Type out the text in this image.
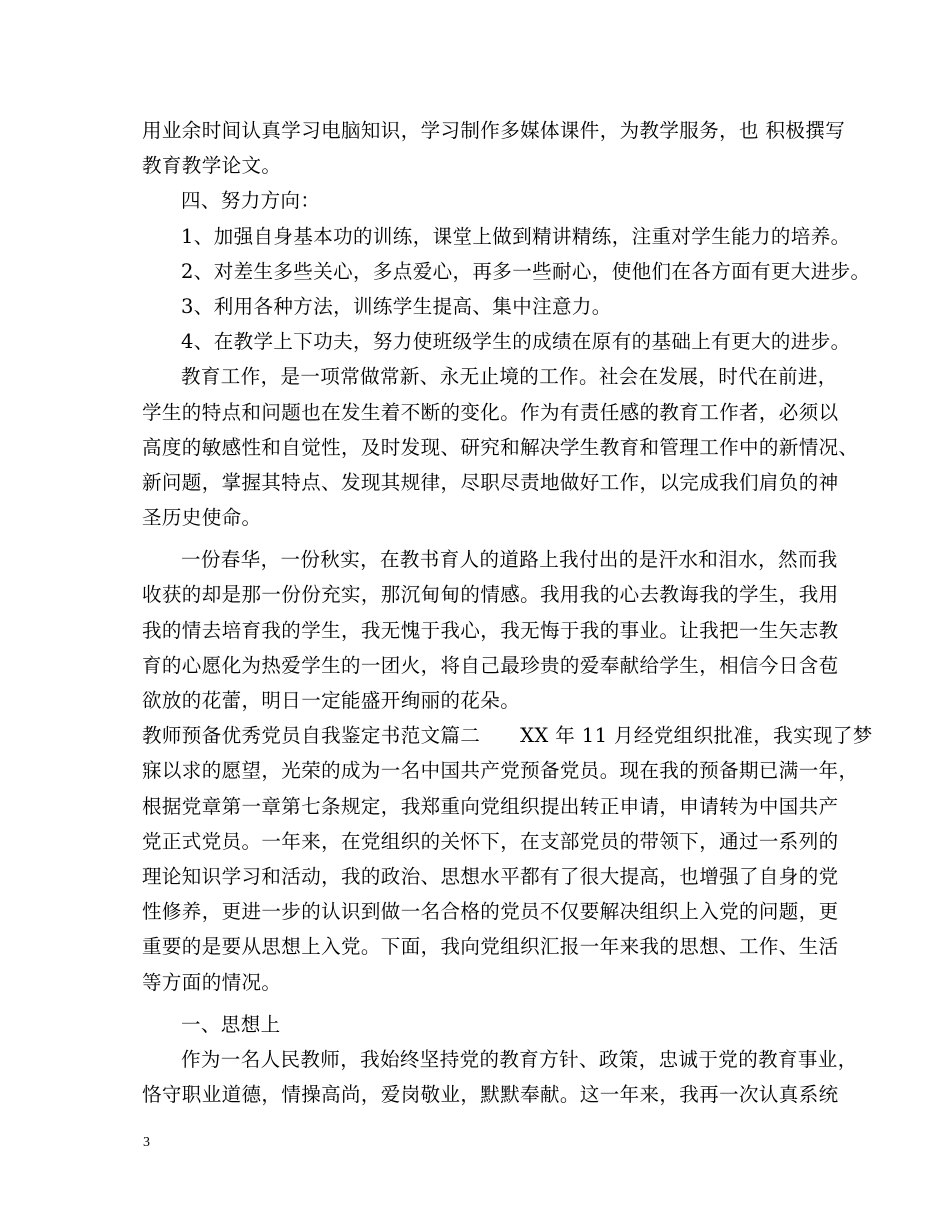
用业余时间认真学习电脑知识，学习制作多媒体课件，为教学服务，也 积极撰写
教育教学论文。
四、努力方向：
1、加强自身基本功的训练，课堂上做到精讲精练，注重对学生能力的培养。
2、对差生多些关心，多点爱心，再多一些耐心，使他们在各方面有更大进步。
3、利用各种方法，训练学生提高、集中注意力。
4、在教学上下功夫，努力使班级学生的成绩在原有的基础上有更大的进步。
教育工作，是一项常做常新、永无止境的工作。社会在发展，时代在前进，
学生的特点和问题也在发生着不断的变化。作为有责任感的教育工作者，必须以
高度的敏感性和自觉性，及时发现、研究和解决学生教育和管理工作中的新情况、
新问题，掌握其特点、发现其规律，尽职尽责地做好工作，以完成我们肩负的神
圣历史使命。
一份春华，一份秋实，在教书育人的道路上我付出的是汗水和泪水，然而我
收获的却是那一份份充实，那沉甸甸的情感。我用我的心去教诲我的学生，我用
我的情去培育我的学生，我无愧于我心，我无悔于我的事业。让我把一生矢志教
育的心愿化为热爱学生的一团火，将自己最珍贵的爱奉献给学生，相信今日含苞
欲放的花蕾，明日一定能盛开绚丽的花朵。
教师预备优秀党员自我鉴定书范文篇二　　XX 年 11 月经党组织批准，我实现了梦
寐以求的愿望，光荣的成为一名中国共产党预备党员。现在我的预备期已满一年，
根据党章第一章第七条规定，我郑重向党组织提出转正申请，申请转为中国共产
党正式党员。一年来，在党组织的关怀下，在支部党员的带领下，通过一系列的
理论知识学习和活动，我的政治、思想水平都有了很大提高，也增强了自身的党
性修养，更进一步的认识到做一名合格的党员不仅要解决组织上入党的问题，更
重要的是要从思想上入党。下面，我向党组织汇报一年来我的思想、工作、生活
等方面的情况。
一、思想上
作为一名人民教师，我始终坚持党的教育方针、政策，忠诚于党的教育事业，
恪守职业道德，情操高尚，爱岗敬业，默默奉献。这一年来，我再一次认真系统
3
